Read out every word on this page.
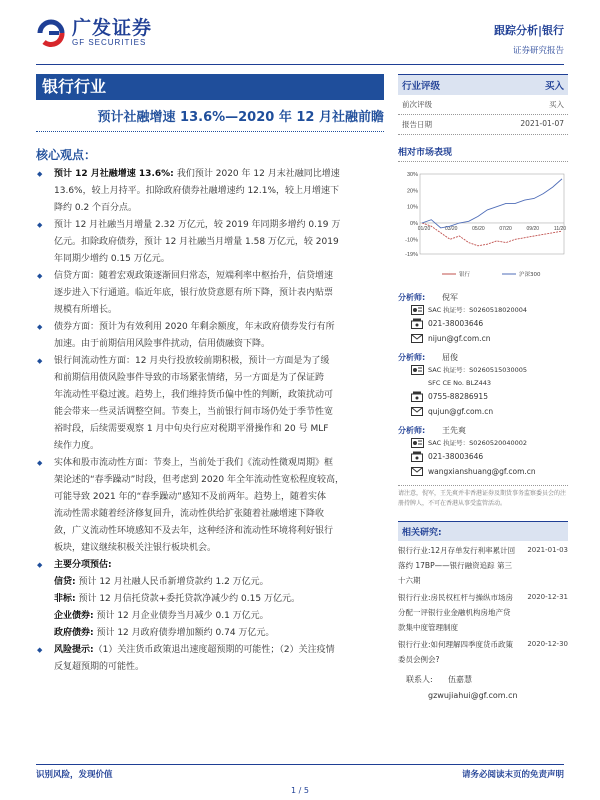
广发证券
GF SECURITIES
跟踪分析|银行
证券研究报告
银行行业
预计社融增速 13.6%—2020 年 12 月社融前瞻
核心观点：
◆	预计 12 月社融增速 13.6%: 我们预计 2020 年 12 月末社融同比增速
13.6%，较上月持平。扣除政府债券社融增速约 12.1%，较上月增速下
降约 0.2 个百分点。
◆	预计 12 月社融当月增量 2.32 万亿元，较 2019 年同期多增约 0.19 万
亿元。扣除政府债券，预计 12 月社融当月增量 1.58 万亿元，较 2019
年同期少增约 0.15 万亿元。
◆	信贷方面：随着宏观政策逐渐回归常态，短端利率中枢抬升，信贷增速
逐步进入下行通道。临近年底，银行放贷意愿有所下降，预计表内贴票
规模有所增长。
◆	债券方面：预计为有效利用 2020 年剩余额度，年末政府债券发行有所
加速。由于前期信用风险事件扰动，信用债融资下降。
◆	银行间流动性方面：12 月央行投放较前期积极，预计一方面是为了缓
和前期信用债风险事件导致的市场紧张情绪，另一方面是为了保证跨
年流动性平稳过渡。趋势上，我们维持货币偏中性的判断，政策扰动可
能会带来一些灵活调整空间。节奏上，当前银行间市场仍处于季节性宽
裕时段，后续需要观察 1 月中旬央行应对税期平滑操作和 20 号 MLF
续作力度。
◆	实体和股市流动性方面：节奏上，当前处于我们《流动性微观周期》框
架论述的“春季躁动”时段，但考虑到 2020 年全年流动性宽松程度较高，
可能导致 2021 年的“春季躁动”感知不及前两年。趋势上，随着实体
流动性需求随着经济修复回升，流动性供给扩张随着社融增速下降收
敛，广义流动性环境感知不及去年，这种经济和流动性环境将利好银行
板块，建议继续积极关注银行板块机会。
◆	主要分项预估:
信贷: 预计 12 月社融人民币新增贷款约 1.2 万亿元。
非标: 预计 12 月信托贷款+委托贷款净减少约 0.15 万亿元。
企业债券: 预计 12 月企业债券当月减少 0.1 万亿元。
政府债券: 预计 12 月政府债券增加额约 0.74 万亿元。
◆	风险提示:（1）关注货币政策退出速度超预期的可能性；（2）关注疫情
反复超预期的可能性。
行业评级	买入
前次评级	买入
报告日期	2021-01-07
相对市场表现
30%
20%
10%
0%
-10%
-19%
01/20	03/20	05/20	07/20	09/20	11/20
银行	沪深300
分析师:	倪军
SAC 执证号：S0260518020004
021-38003646
nijun@gf.com.cn
分析师:	屈俊
SAC 执证号：S0260515030005
SFC CE No. BLZ443
0755-88286915
qujun@gf.com.cn
分析师:	王先爽
SAC 执证号：S0260520040002
021-38003646
wangxianshuang@gf.com.cn
请注意，倪军，王先爽并非香港证券及期货事务监察委员会的注册持牌人，不可在香港从事受监管活动。
相关研究:
银行行业:12月存单发行利率累计回落约 17BP——银行融资追踪 第三十六期
2021-01-03
银行行业:房民权杠杆与操纵市场房分配一评银行业金融机构房地产贷款集中度管理制度
2020-12-31
银行行业:如何理解四季度货币政策委员会例会?
2020-12-30
联系人:	伍嘉慧
gzwujiahui@gf.com.cn
识别风险，发现价值	请务必阅读末页的免责声明
1 / 5
